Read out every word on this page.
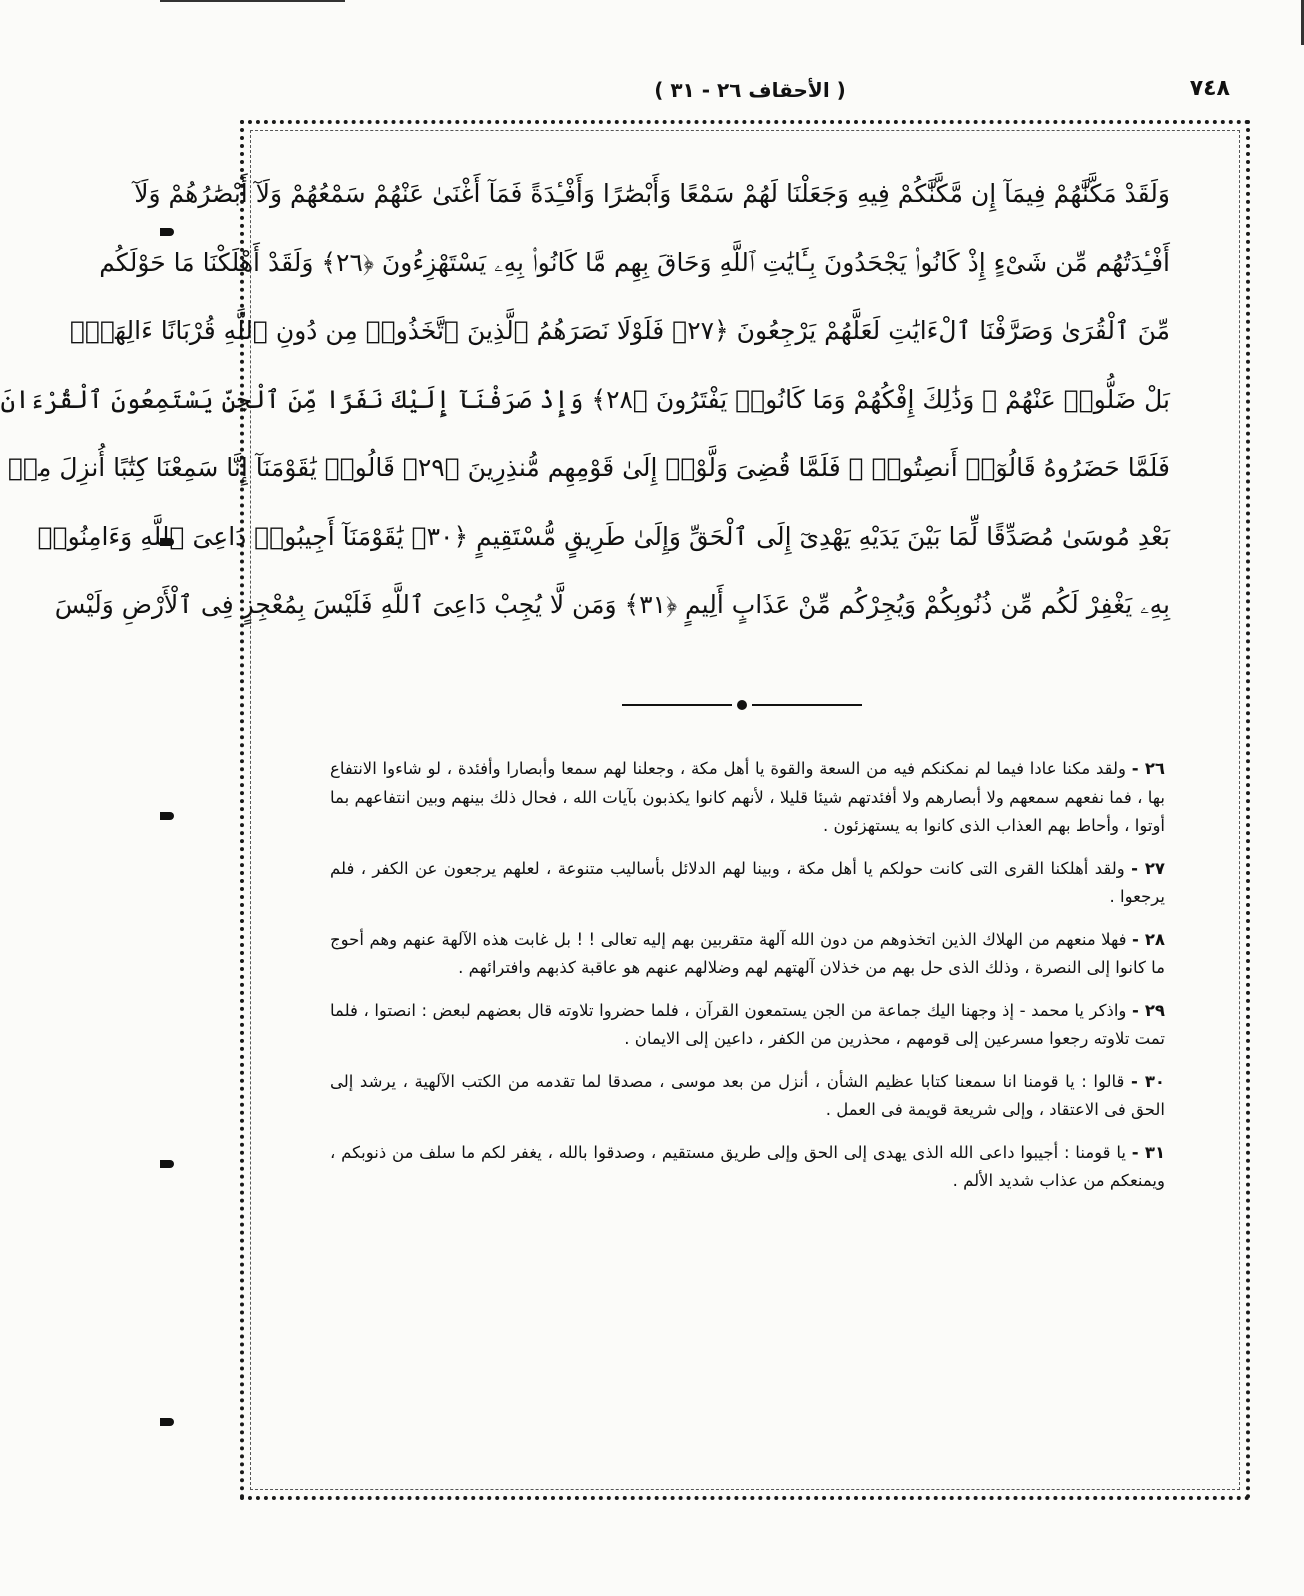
٧٤٨
( الأحقاف ٢٦ - ٣١ )
وَلَقَدْ مَكَّنَّٰهُمْ فِيمَآ إِن مَّكَّنَّٰكُمْ فِيهِ وَجَعَلْنَا لَهُمْ سَمْعًا وَأَبْصَٰرًا وَأَفْـِٔدَةً فَمَآ أَغْنَىٰ عَنْهُمْ سَمْعُهُمْ وَلَآ أَبْصَٰرُهُمْ وَلَآ
أَفْـِٔدَتُهُم مِّن شَىْءٍ إِذْ كَانُوا۟ يَجْحَدُونَ بِـَٔايَٰتِ ٱللَّهِ وَحَاقَ بِهِم مَّا كَانُوا۟ بِهِۦ يَسْتَهْزِءُونَ ﴿٢٦﴾ وَلَقَدْ أَهْلَكْنَا مَا حَوْلَكُم
مِّنَ ٱلْقُرَىٰ وَصَرَّفْنَا ٱلْءَايَٰتِ لَعَلَّهُمْ يَرْجِعُونَ ﴿٢٧﴾ فَلَوْلَا نَصَرَهُمُ ٱلَّذِينَ ٱتَّخَذُوا۟ مِن دُونِ ٱللَّهِ قُرْبَانًا ءَالِهَةًۢ
بَلْ ضَلُّوا۟ عَنْهُمْ ۚ وَذَٰلِكَ إِفْكُهُمْ وَمَا كَانُوا۟ يَفْتَرُونَ ﴿٢٨﴾ وَإِذْ صَرَفْنَآ إِلَيْكَ نَفَرًا مِّنَ ٱلْجِنِّ يَسْتَمِعُونَ ٱلْقُرْءَانَ
فَلَمَّا حَضَرُوهُ قَالُوٓا۟ أَنصِتُوا۟ ۖ فَلَمَّا قُضِىَ وَلَّوْا۟ إِلَىٰ قَوْمِهِم مُّنذِرِينَ ﴿٢٩﴾ قَالُوا۟ يَٰقَوْمَنَآ إِنَّا سَمِعْنَا كِتَٰبًا أُنزِلَ مِنۢ
بَعْدِ مُوسَىٰ مُصَدِّقًا لِّمَا بَيْنَ يَدَيْهِ يَهْدِىٓ إِلَى ٱلْحَقِّ وَإِلَىٰ طَرِيقٍ مُّسْتَقِيمٍ ﴿٣٠﴾ يَٰقَوْمَنَآ أَجِيبُوا۟ دَاعِىَ ٱللَّهِ وَءَامِنُوا۟
بِهِۦ يَغْفِرْ لَكُم مِّن ذُنُوبِكُمْ وَيُجِرْكُم مِّنْ عَذَابٍ أَلِيمٍ ﴿٣١﴾ وَمَن لَّا يُجِبْ دَاعِىَ ٱللَّهِ فَلَيْسَ بِمُعْجِزٍ فِى ٱلْأَرْضِ وَلَيْسَ

٢٦ - ولقد مكنا عادا فيما لم نمكنكم فيه من السعة والقوة يا أهل مكة ، وجعلنا لهم سمعا وأبصارا وأفئدة ، لو شاءوا الانتفاع بها ، فما نفعهم سمعهم ولا أبصارهم ولا أفئدتهم شيئا قليلا ، لأنهم كانوا يكذبون بآيات الله ، فحال ذلك بينهم وبين انتفاعهم بما أوتوا ، وأحاط بهم العذاب الذى كانوا به يستهزئون .

٢٧ - ولقد أهلكنا القرى التى كانت حولكم يا أهل مكة ، وبينا لهم الدلائل بأساليب متنوعة ، لعلهم يرجعون عن الكفر ، فلم يرجعوا .

٢٨ - فهلا منعهم من الهلاك الذين اتخذوهم من دون الله آلهة متقربين بهم إليه تعالى ! ! بل غابت هذه الآلهة عنهم وهم أحوج ما كانوا إلى النصرة ، وذلك الذى حل بهم من خذلان آلهتهم لهم وضلالهم عنهم هو عاقبة كذبهم وافترائهم .

٢٩ - واذكر يا محمد - إذ وجهنا اليك جماعة من الجن يستمعون القرآن ، فلما حضروا تلاوته قال بعضهم لبعض : انصتوا ، فلما تمت تلاوته رجعوا مسرعين إلى قومهم ، محذرين من الكفر ، داعين إلى الايمان .

٣٠ - قالوا : يا قومنا انا سمعنا كتابا عظيم الشأن ، أنزل من بعد موسى ، مصدقا لما تقدمه من الكتب الآلهية ، يرشد إلى الحق فى الاعتقاد ، وإلى شريعة قويمة فى العمل .

٣١ - يا قومنا : أجيبوا داعى الله الذى يهدى إلى الحق وإلى طريق مستقيم ، وصدقوا بالله ، يغفر لكم ما سلف من ذنوبكم ، ويمنعكم من عذاب شديد الألم .
